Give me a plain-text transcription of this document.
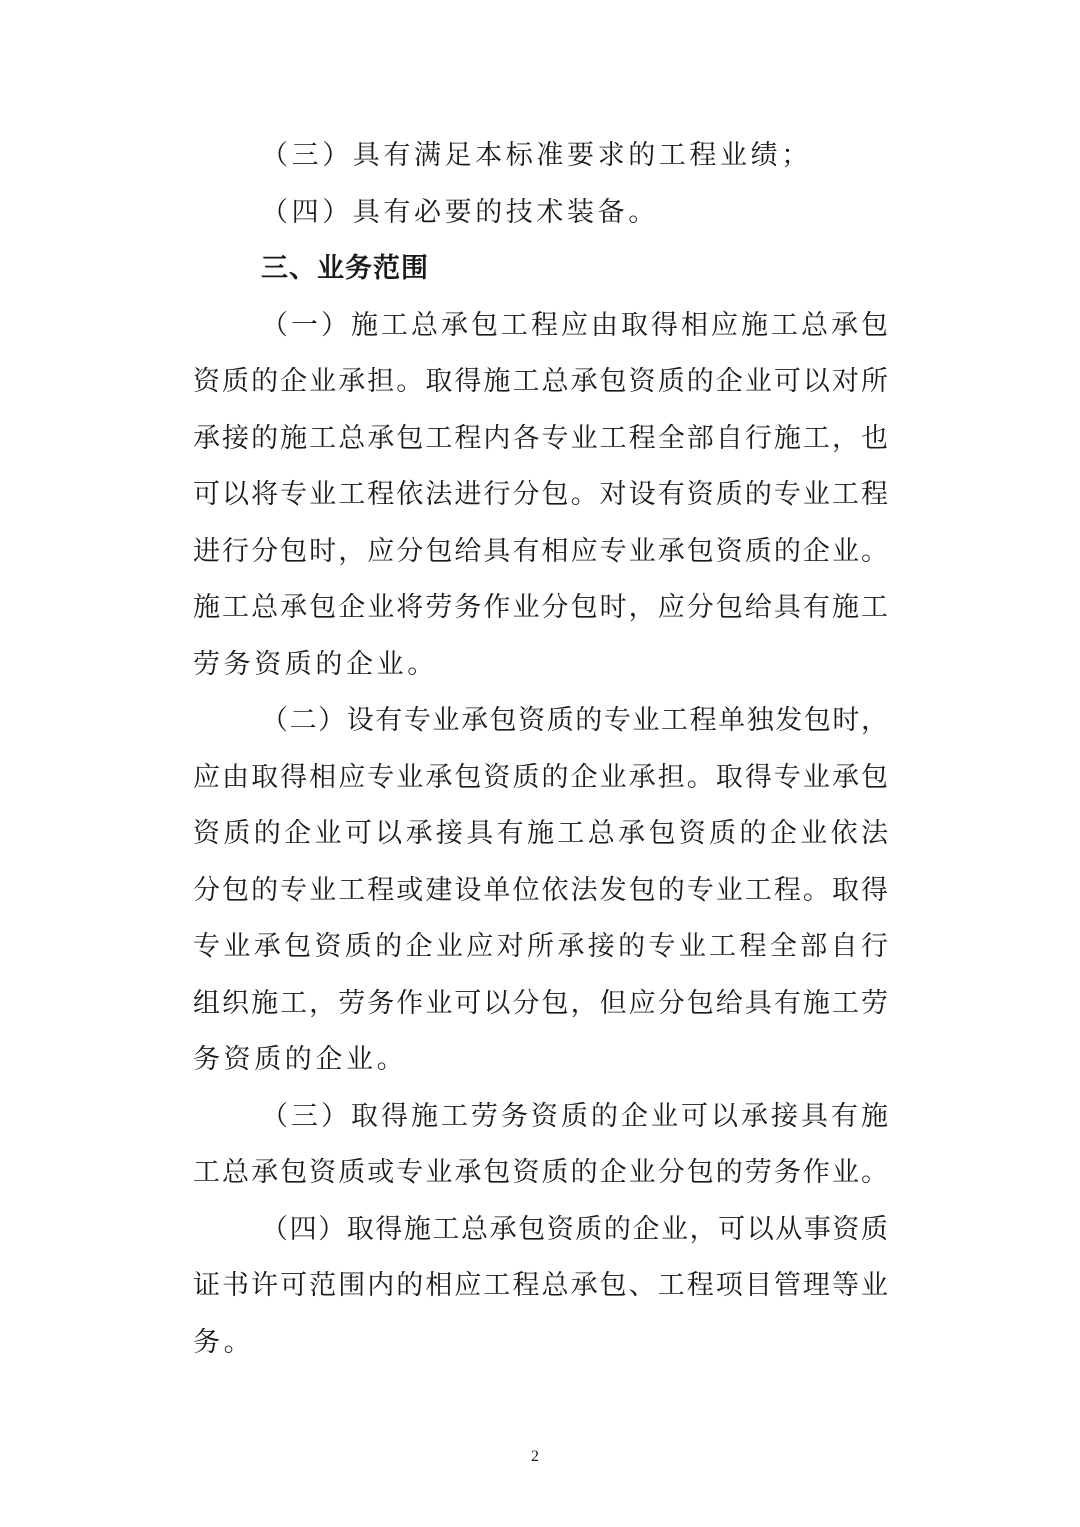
（三）具有满足本标准要求的工程业绩；
（四）具有必要的技术装备。
三、业务范围
（一）施工总承包工程应由取得相应施工总承包
资质的企业承担。取得施工总承包资质的企业可以对所
承接的施工总承包工程内各专业工程全部自行施工，也
可以将专业工程依法进行分包。对设有资质的专业工程
进行分包时，应分包给具有相应专业承包资质的企业。
施工总承包企业将劳务作业分包时，应分包给具有施工
劳务资质的企业。
（二）设有专业承包资质的专业工程单独发包时，
应由取得相应专业承包资质的企业承担。取得专业承包
资质的企业可以承接具有施工总承包资质的企业依法
分包的专业工程或建设单位依法发包的专业工程。取得
专业承包资质的企业应对所承接的专业工程全部自行
组织施工，劳务作业可以分包，但应分包给具有施工劳
务资质的企业。
（三）取得施工劳务资质的企业可以承接具有施
工总承包资质或专业承包资质的企业分包的劳务作业。
（四）取得施工总承包资质的企业，可以从事资质
证书许可范围内的相应工程总承包、工程项目管理等业
务。
2
